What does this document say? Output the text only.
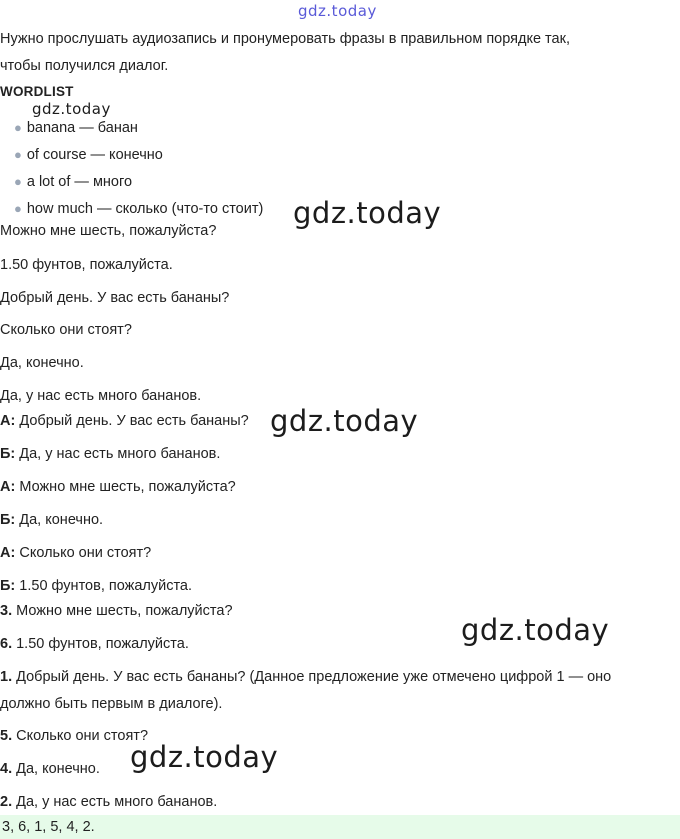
gdz.today
gdz.today
gdz.today
gdz.today
gdz.today
gdz.today
Нужно прослушать аудиозапись и пронумеровать фразы в правильном порядке так,
чтобы получился диалог.
WORDLIST
● banana — банан
● of course — конечно
● a lot of — много
● how much — сколько (что-то стоит)
Можно мне шесть, пожалуйста?
1.50 фунтов, пожалуйста.
Добрый день. У вас есть бананы?
Сколько они стоят?
Да, конечно.
Да, у нас есть много бананов.
А: Добрый день. У вас есть бананы?
Б: Да, у нас есть много бананов.
А: Можно мне шесть, пожалуйста?
Б: Да, конечно.
А: Сколько они стоят?
Б: 1.50 фунтов, пожалуйста.
3. Можно мне шесть, пожалуйста?
6. 1.50 фунтов, пожалуйста.
1. Добрый день. У вас есть бананы? (Данное предложение уже отмечено цифрой 1 — оно
должно быть первым в диалоге).
5. Сколько они стоят?
4. Да, конечно.
2. Да, у нас есть много бананов.
3, 6, 1, 5, 4, 2.
